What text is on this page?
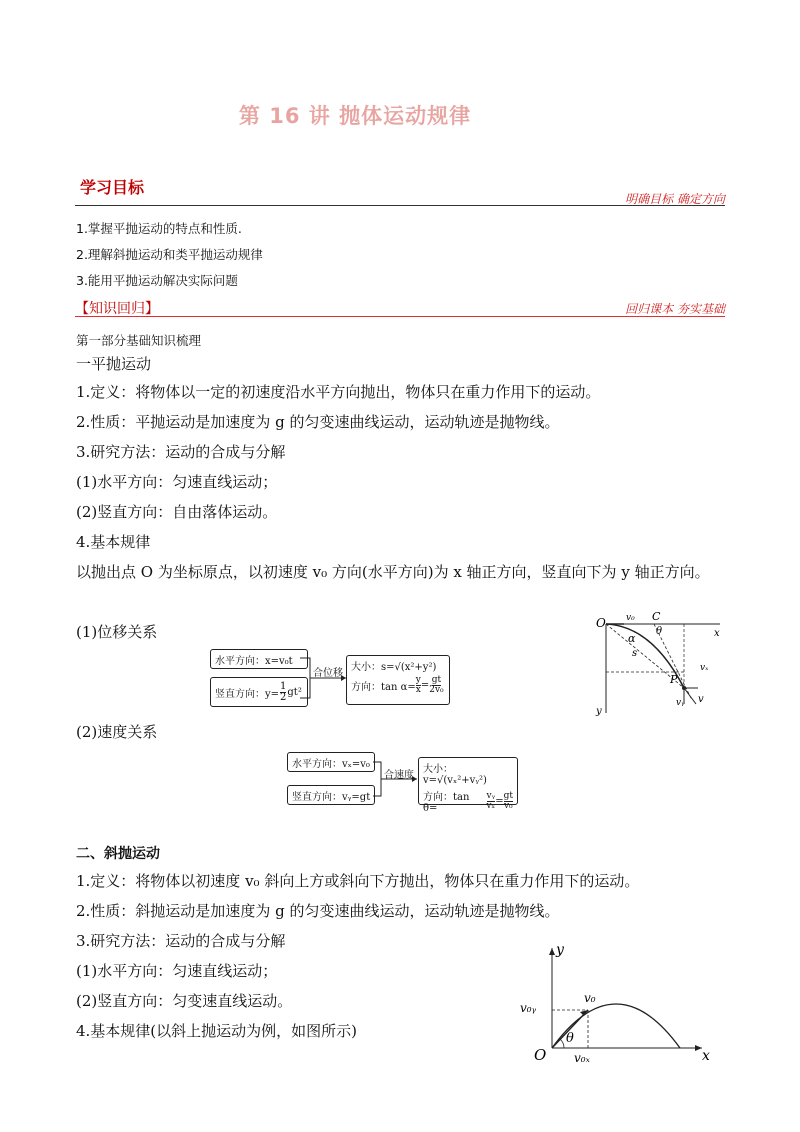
第 16 讲 抛体运动规律
学习目标
明确目标 确定方向
1.掌握平抛运动的特点和性质.
2.理解斜抛运动和类平抛运动规律
3.能用平抛运动解决实际问题
【知识回归】	回归课本 夯实基础
第一部分基础知识梳理
一平抛运动
1.定义：将物体以一定的初速度沿水平方向抛出，物体只在重力作用下的运动。
2.性质：平抛运动是加速度为 g 的匀变速曲线运动，运动轨迹是抛物线。
3.研究方法：运动的合成与分解
(1)水平方向：匀速直线运动；
(2)竖直方向：自由落体运动。
4.基本规律
以抛出点 O 为坐标原点，以初速度 v₀ 方向(水平方向)为 x 轴正方向，竖直向下为 y 轴正方向。
(1)位移关系
水平方向：x=v₀t
竖直方向：$y= \frac{1}{2} gt^2$
合位移
大小：s=√(x²+y²)
方向：$\tan \alpha= \frac{y}{x} = \frac{gt}{\text{2v₀}}$
(2)速度关系
水平方向：vₓ=v₀
竖直方向：vᵧ=gt
合速度
大小：v=√(vₓ²+vᵧ²)
方向：tan θ=	$\frac{\text{vᵧ}}{\text{vₓ}} = \frac{gt}{\text{v₀}}$
O v₀ C
θ	x
α
s
vₓ
P
vᵧ v
y
二、斜抛运动
1.定义：将物体以初速度 v₀ 斜向上方或斜向下方抛出，物体只在重力作用下的运动。
2.性质：斜抛运动是加速度为 g 的匀变速曲线运动，运动轨迹是抛物线。
3.研究方法：运动的合成与分解
(1)水平方向：匀速直线运动；
(2)竖直方向：匀变速直线运动。
4.基本规律(以斜上抛运动为例，如图所示)
y
v₀ᵧ
v₀
θ
O v₀ₓ	x
